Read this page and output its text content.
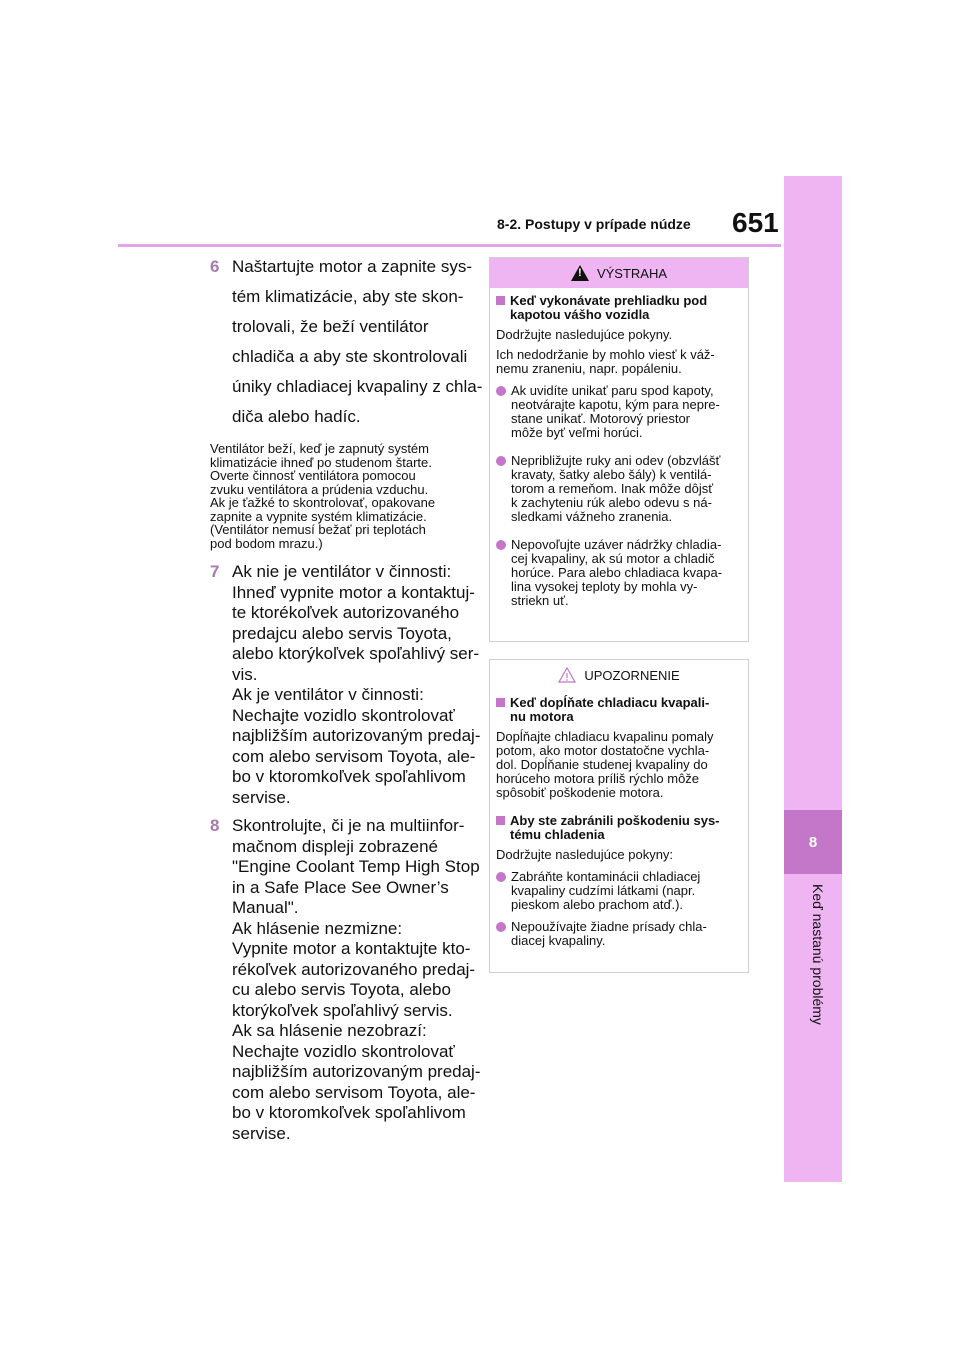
8
Keď nastanú problémy
8-2. Postupy v prípade núdze 651
6 Naštartujte motor a zapnite sys-
tém klimatizácie, aby ste skon-
trolovali, že beží ventilátor
chladiča a aby ste skontrolovali
úniky chladiacej kvapaliny z chla-
diča alebo hadíc.
Ventilátor beží, keď je zapnutý systém
klimatizácie ihneď po studenom štarte.
Overte činnosť ventilátora pomocou
zvuku ventilátora a prúdenia vzduchu.
Ak je ťažké to skontrolovať, opakovane
zapnite a vypnite systém klimatizácie.
(Ventilátor nemusí bežať pri teplotách
pod bodom mrazu.)
7 Ak nie je ventilátor v činnosti:
Ihneď vypnite motor a kontaktuj-
te ktorékoľvek autorizovaného
predajcu alebo servis Toyota,
alebo ktorýkoľvek spoľahlivý ser-
vis.
Ak je ventilátor v činnosti:
Nechajte vozidlo skontrolovať
najbližším autorizovaným predaj-
com alebo servisom Toyota, ale-
bo v ktoromkoľvek spoľahlivom
servise.
8 Skontrolujte, či je na multiinfor-
mačnom displeji zobrazené
"Engine Coolant Temp High Stop
in a Safe Place See Owner’s
Manual".
Ak hlásenie nezmizne:
Vypnite motor a kontaktujte kto-
rékoľvek autorizovaného predaj-
cu alebo servis Toyota, alebo
ktorýkoľvek spoľahlivý servis.
Ak sa hlásenie nezobrazí:
Nechajte vozidlo skontrolovať
najbližším autorizovaným predaj-
com alebo servisom Toyota, ale-
bo v ktoromkoľvek spoľahlivom
servise.
!
VÝSTRAHA
Keď vykonávate prehliadku pod
kapotou vášho vozidla
Dodržujte nasledujúce pokyny.
Ich nedodržanie by mohlo viesť k váž-
nemu zraneniu, napr. popáleniu.
Ak uvidíte unikať paru spod kapoty,
neotvárajte kapotu, kým para nepre-
stane unikať. Motorový priestor
môže byť veľmi horúci.
Nepribližujte ruky ani odev (obzvlášť
kravaty, šatky alebo šály) k ventilá-
torom a remeňom. Inak môže dôjsť
k zachyteniu rúk alebo odevu s ná-
sledkami vážneho zranenia.
Nepovoľujte uzáver nádržky chladia-
cej kvapaliny, ak sú motor a chladič
horúce. Para alebo chladiaca kvapa-
lina vysokej teploty by mohla vy-
striekn uť.
UPOZORNENIE
Keď dopĺňate chladiacu kvapali-
nu motora
Dopĺňajte chladiacu kvapalinu pomaly
potom, ako motor dostatočne vychla-
dol. Dopĺňanie studenej kvapaliny do
horúceho motora príliš rýchlo môže
spôsobiť poškodenie motora.
Aby ste zabránili poškodeniu sys-
tému chladenia
Dodržujte nasledujúce pokyny:
Zabráňte kontaminácii chladiacej
kvapaliny cudzími látkami (napr.
pieskom alebo prachom atď.).
Nepoužívajte žiadne prísady chla-
diacej kvapaliny.
